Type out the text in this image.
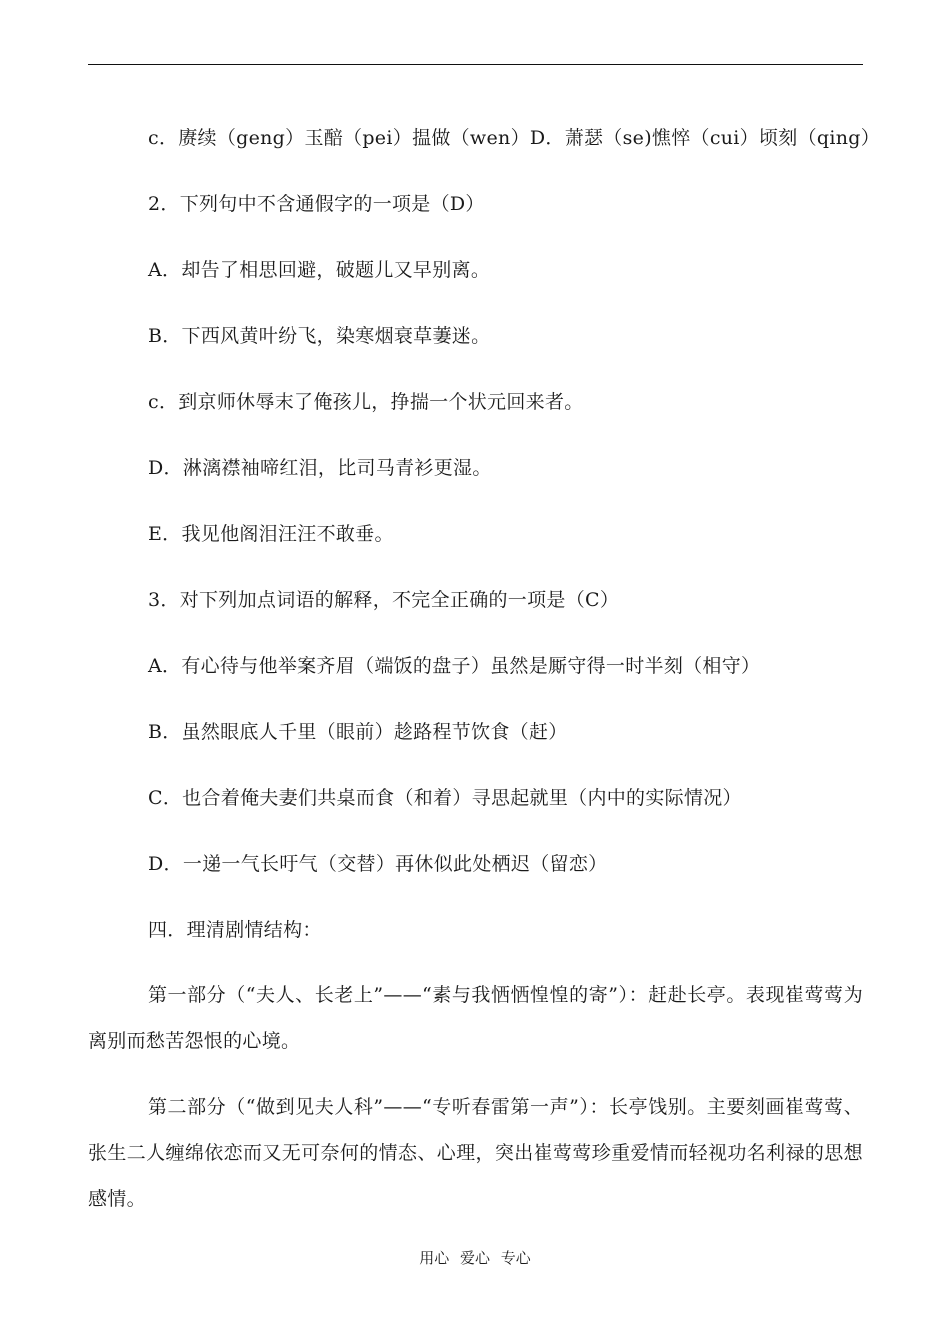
c．赓续（geng）玉醅（pei）揾做（wen）D．萧瑟（se)憔悴（cui）顷刻（qing）
2．下列句中不含通假字的一项是（D）
A．却告了相思回避，破题儿又早别离。
B．下西风黄叶纷飞，染寒烟衰草萋迷。
c．到京师休辱末了俺孩儿，挣揣一个状元回来者。
D．淋漓襟袖啼红泪，比司马青衫更湿。
E．我见他阁泪汪汪不敢垂。
3．对下列加点词语的解释，不完全正确的一项是（C）
A．有心待与他举案齐眉（端饭的盘子）虽然是厮守得一时半刻（相守）
B．虽然眼底人千里（眼前）趁路程节饮食（赶）
C．也合着俺夫妻们共桌而食（和着）寻思起就里（内中的实际情况）
D．一递一气长吁气（交替）再休似此处栖迟（留恋）
四．理清剧情结构：
第一部分（“夫人、长老上”——“素与我恓恓惶惶的寄”）：赶赴长亭。表现崔莺莺为离别而愁苦怨恨的心境。
第二部分（“做到见夫人科”——“专听春雷第一声”）：长亭饯别。主要刻画崔莺莺、张生二人缠绵依恋而又无可奈何的情态、心理，突出崔莺莺珍重爱情而轻视功名利禄的思想感情。
用心 爱心 专心
